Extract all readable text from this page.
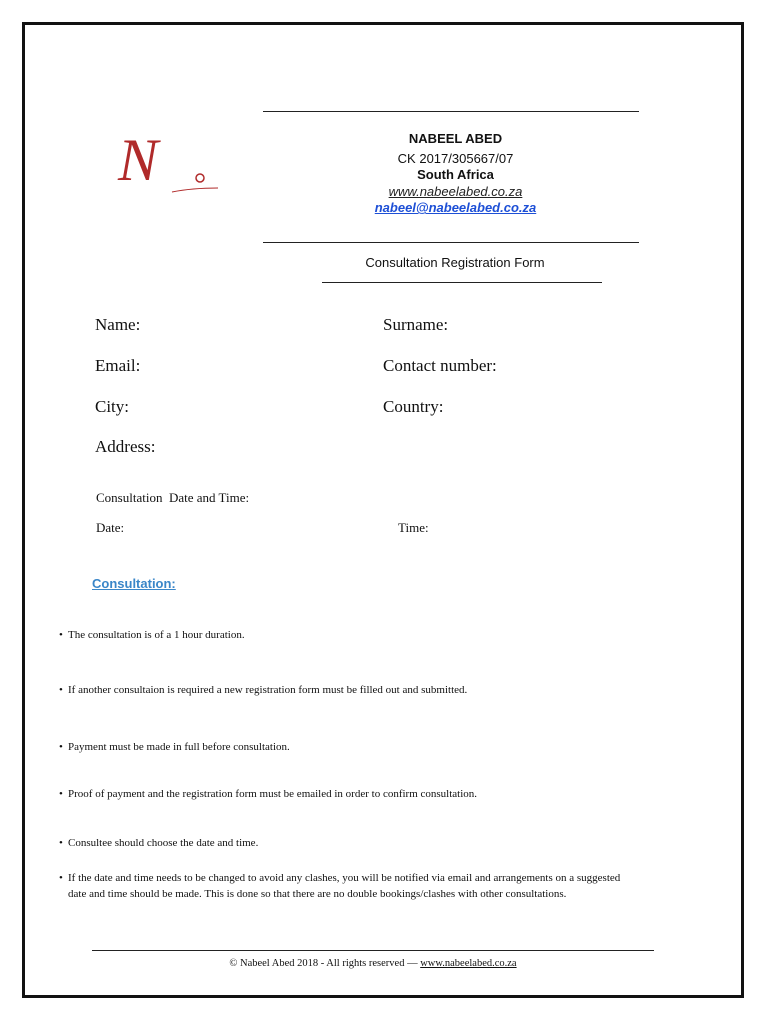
N	NABEEL ABED
CK 2017/305667/07
South Africa
www.nabeelabed.co.za
nabeel@nabeelabed.co.za
Consultation Registration Form
Name:	Surname:
Email:	Contact number:
City:	Country:
Address:
Consultation  Date and Time:
Date:	Time:
Consultation:
• The consultation is of a 1 hour duration.
• If another consultaion is required a new registration form must be filled out and submitted.
• Payment must be made in full before consultation.
• Proof of payment and the registration form must be emailed in order to confirm consultation.
• Consultee should choose the date and time.
• If the date and time needs to be changed to avoid any clashes, you will be notified via email and arrangements on a suggested date and time should be made. This is done so that there are no double bookings/clashes with other consultations.
© Nabeel Abed 2018 - All rights reserved — www.nabeelabed.co.za
